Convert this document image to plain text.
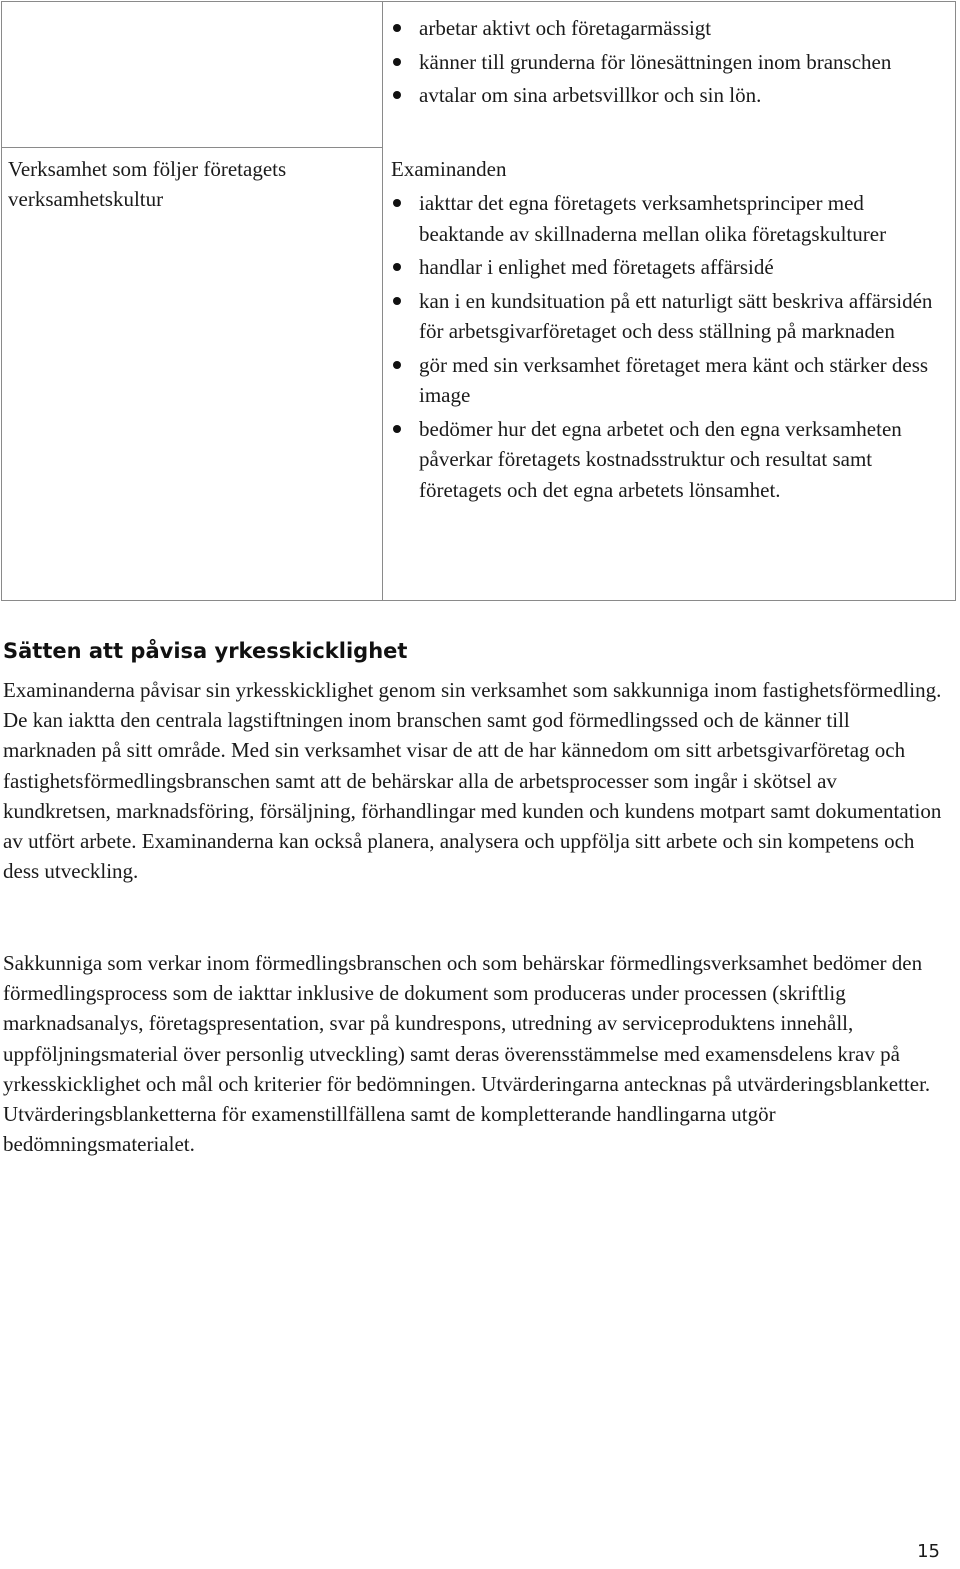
Verksamhet som följer företagets verksamhetskultur
arbetar aktivt och företagarmässigt
känner till grunderna för lönesättningen inom branschen
avtalar om sina arbetsvillkor och sin lön.
Examinanden
iakttar det egna företagets verksamhetsprinciper med beaktande av skillnaderna mellan olika företagskulturer
handlar i enlighet med företagets affärsidé
kan i en kundsituation på ett naturligt sätt beskriva affärsidén för arbetsgivarföretaget och dess ställning på marknaden
gör med sin verksamhet företaget mera känt och stärker dess image
bedömer hur det egna arbetet och den egna verksamheten påverkar företagets kostnadsstruktur och resultat samt företagets och det egna arbetets lönsamhet.
Sätten att påvisa yrkesskicklighet

Examinanderna påvisar sin yrkesskicklighet genom sin verksamhet som sakkunniga inom fastighetsförmedling. De kan iaktta den centrala lagstiftningen inom branschen samt god förmedlingssed och de känner till marknaden på sitt område. Med sin verksamhet visar de att de har kännedom om sitt arbetsgivarföretag och fastighetsförmedlingsbranschen samt att de behärskar alla de arbetsprocesser som ingår i skötsel av kundkretsen, marknadsföring, försäljning, förhandlingar med kunden och kundens motpart samt dokumentation av utfört arbete. Examinanderna kan också planera, analysera och uppfölja sitt arbete och sin kompetens och dess utveckling.

Sakkunniga som verkar inom förmedlingsbranschen och som behärskar förmedlingsverksamhet bedömer den förmedlingsprocess som de iakttar inklusive de dokument som produceras under processen (skriftlig marknadsanalys, företagspresentation, svar på kundrespons, utredning av serviceproduktens innehåll, uppföljningsmaterial över personlig utveckling) samt deras överensstämmelse med examensdelens krav på yrkesskicklighet och mål och kriterier för bedömningen. Utvärderingarna antecknas på utvärderingsblanketter. Utvärderingsblanketterna för examenstillfällena samt de kompletterande handlingarna utgör bedömningsmaterialet.

15
